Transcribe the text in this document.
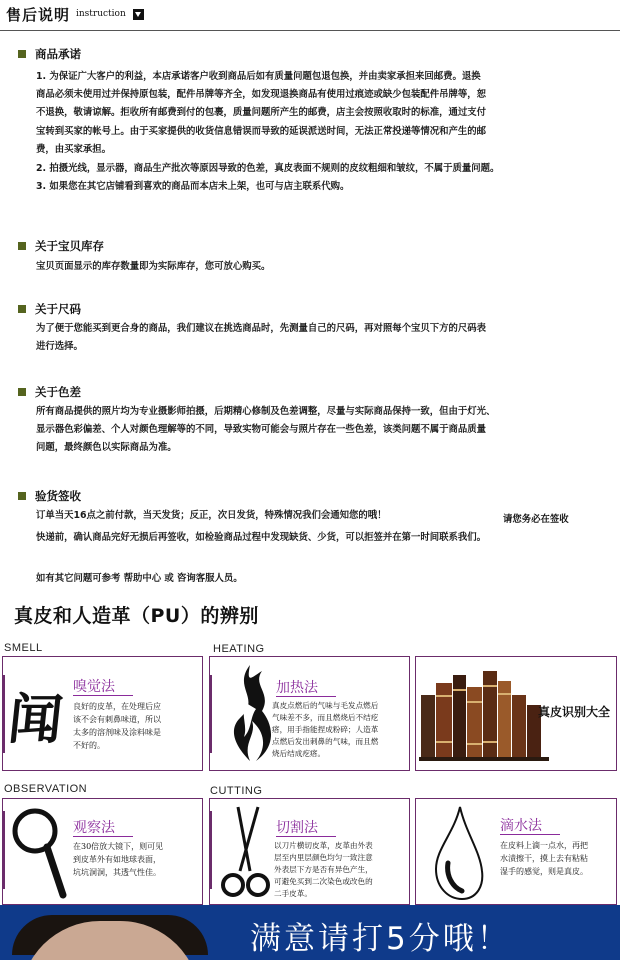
售后说明 instruction
商品承诺

1. 为保证广大客户的利益，本店承诺客户收到商品后如有质量问题包退包换，并由卖家承担来回邮费。退换

商品必须未使用过并保持原包装，配件吊牌等齐全，如发现退换商品有使用过痕迹或缺少包装配件吊牌等，恕

不退换，敬请谅解。拒收所有邮费到付的包裹，质量问题所产生的邮费，店主会按照收取时的标准，通过支付

宝转到买家的帐号上。由于买家提供的收货信息错误而导致的延误派送时间，无法正常投递等情况和产生的邮

费，由买家承担。

2. 拍摄光线，显示器，商品生产批次等原因导致的色差，真皮表面不规则的皮纹粗细和皱纹，不属于质量问题。

3. 如果您在其它店铺看到喜欢的商品而本店未上架，也可与店主联系代购。

关于宝贝库存

宝贝页面显示的库存数量即为实际库存，您可放心购买。

关于尺码

为了便于您能买到更合身的商品，我们建议在挑选商品时，先测量自己的尺码，再对照每个宝贝下方的尺码表

进行选择。

关于色差

所有商品提供的照片均为专业摄影师拍摄，后期精心修制及色差调整，尽量与实际商品保持一致，但由于灯光、

显示器色彩偏差、个人对颜色理解等的不同，导致实物可能会与照片存在一些色差，该类问题不属于商品质量

问题，最终颜色以实际商品为准。

验货签收

订单当天16点之前付款，当天发货；反正，次日发货，特殊情况我们会通知您的哦！

快递前，确认商品完好无损后再签收，如检验商品过程中发现缺货、少货，可以拒签并在第一时间联系我们。

请您务必在签收
如有其它问题可参考 帮助中心 或 咨询客服人员。
真皮和人造革（PU）的辨别
SMELL	HEATING
OBSERVATION	CUTTING
闻 嗅觉法
良好的皮革，在处理后应
该不会有刺鼻味道，所以
太多的溶剂味及涂料味是
不好的。
加热法
真皮点燃后的气味与毛发点燃后
气味差不多，而且燃烧后不结疙
瘩，用手指能捏成粉碎；人造革
点燃后发出刺鼻的气味，而且燃
烧后结成疙瘩。
真皮识别大全
观察法
在30倍放大镜下，则可见
到皮革外有如地球表面，
坑坑洞洞，其透气性佳。
切割法
以刀片横切皮革，皮革由外表
层至内里层颜色均匀一致注意
外表层下方是否有异色产生，
可避免买到二次染色或改色的
二手皮革。
滴水法
在皮料上滴一点水，再把
水渍擦干，摸上去有粘粘
湿手的感觉，则是真皮。
满意请打5分哦！
